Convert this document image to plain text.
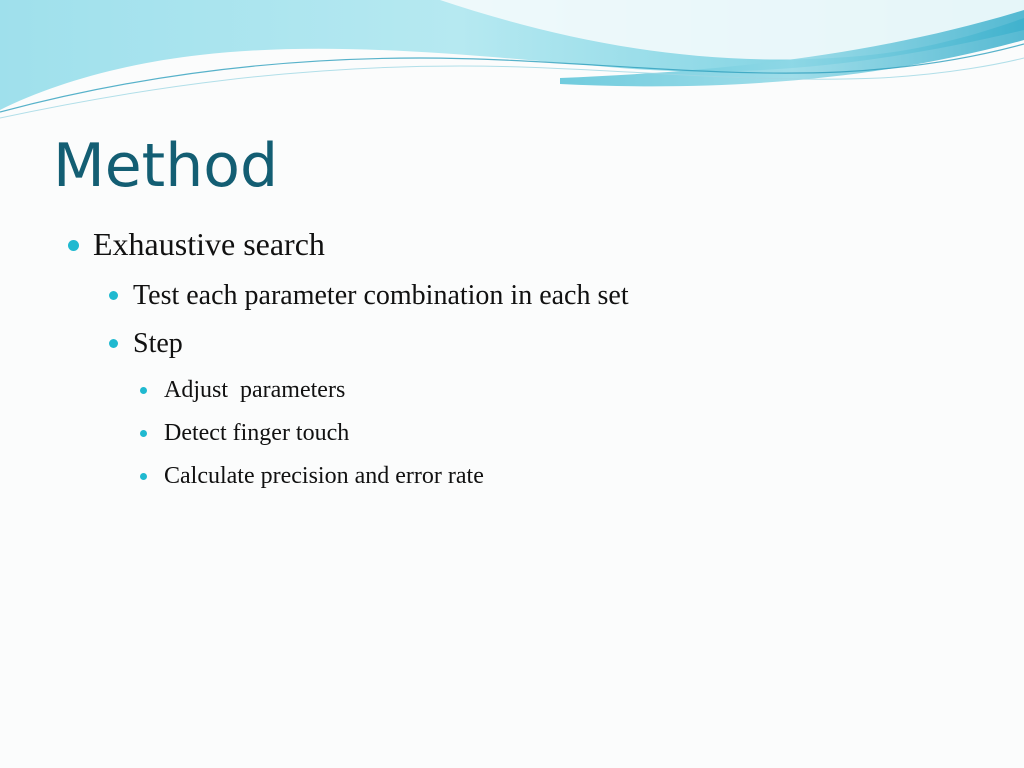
Method
Exhaustive search
Test each parameter combination in each set
Step
Adjust  parameters
Detect finger touch
Calculate precision and error rate
